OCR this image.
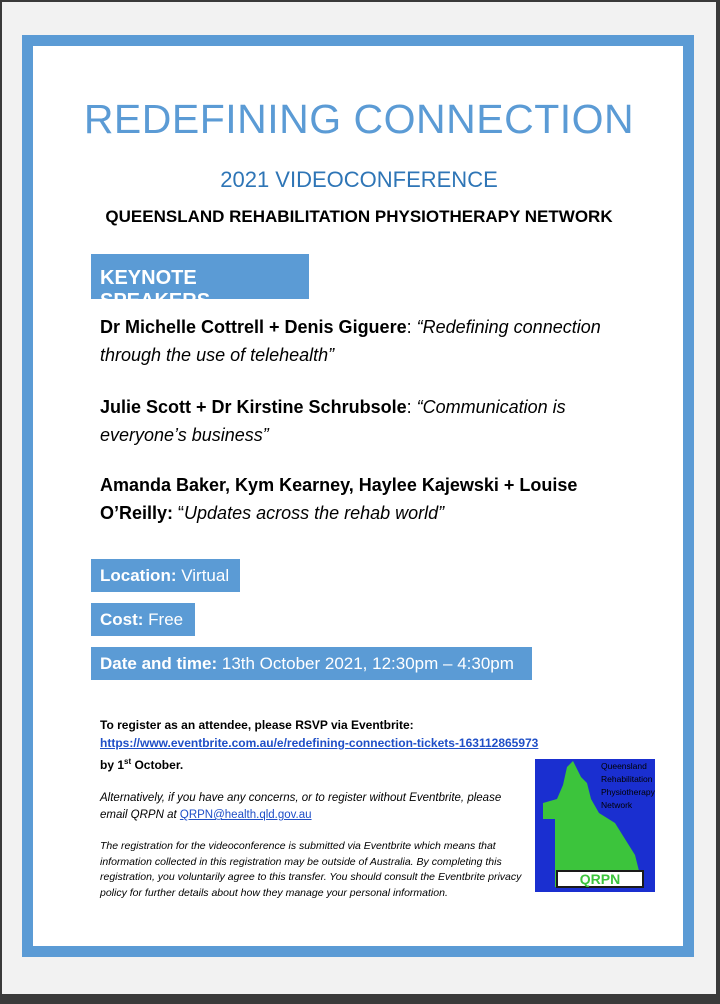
REDEFINING CONNECTION
2021 VIDEOCONFERENCE
QUEENSLAND REHABILITATION PHYSIOTHERAPY NETWORK
KEYNOTE SPEAKERS
Dr Michelle Cottrell + Denis Giguere: “Redefining connection through the use of telehealth”
Julie Scott + Dr Kirstine Schrubsole: “Communication is everyone’s business”
Amanda Baker, Kym Kearney, Haylee Kajewski + Louise O’Reilly: “Updates across the rehab world”
Location: Virtual
Cost: Free
Date and time: 13th October 2021, 12:30pm – 4:30pm
To register as an attendee, please RSVP via Eventbrite:
https://www.eventbrite.com.au/e/redefining-connection-tickets-163112865973
by 1st October.
Alternatively, if you have any concerns, or to register without Eventbrite, please email QRPN at QRPN@health.qld.gov.au
The registration for the videoconference is submitted via Eventbrite which means that information collected in this registration may be outside of Australia. By completing this registration, you voluntarily agree to this transfer. You should consult the Eventbrite privacy policy for further details about how they manage your personal information.
QRPN
Queensland
Rehabilitation
Physiotherapy
Network
